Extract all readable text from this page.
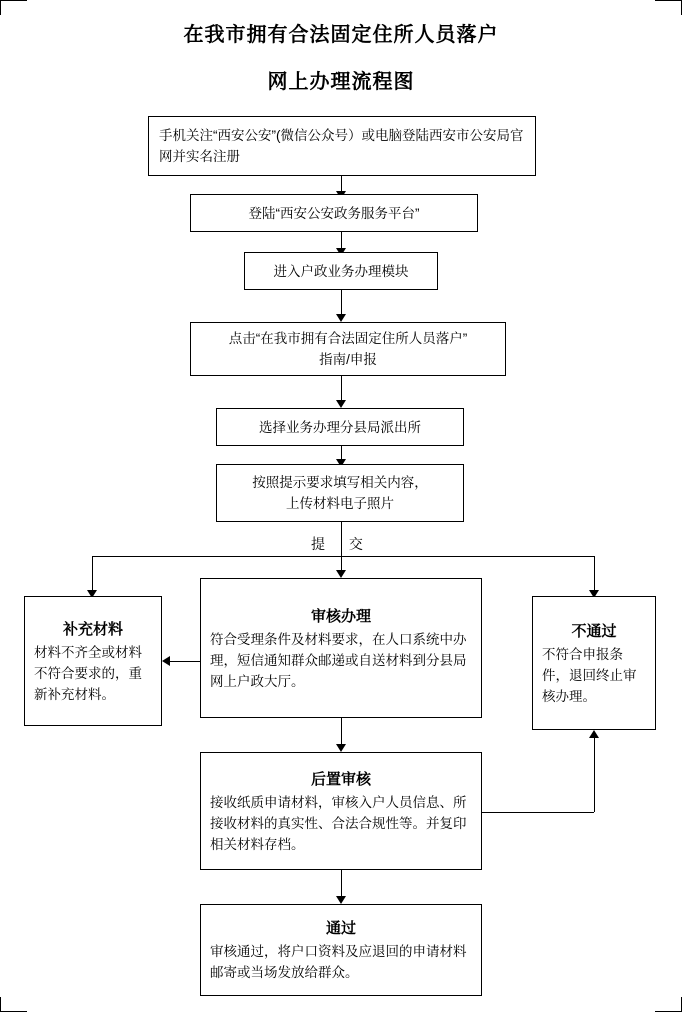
在我市拥有合法固定住所人员落户
网上办理流程图
手机关注“西安公安”(微信公众号）或电脑登陆西安市公安局官网并实名注册
登陆“西安公安政务服务平台”
进入户政业务办理模块
点击“在我市拥有合法固定住所人员落户”
指南/申报
选择业务办理分县局派出所
按照提示要求填写相关内容，
上传材料电子照片
提 交
补充材料
材料不齐全或材料不符合要求的，重新补充材料。
审核办理
符合受理条件及材料要求，在人口系统中办理，短信通知群众邮递或自送材料到分县局网上户政大厅。
不通过
不符合申报条件，退回终止审核办理。
后置审核
接收纸质申请材料，审核入户人员信息、所接收材料的真实性、合法合规性等。并复印相关材料存档。
通过
审核通过，将户口资料及应退回的申请材料邮寄或当场发放给群众。
